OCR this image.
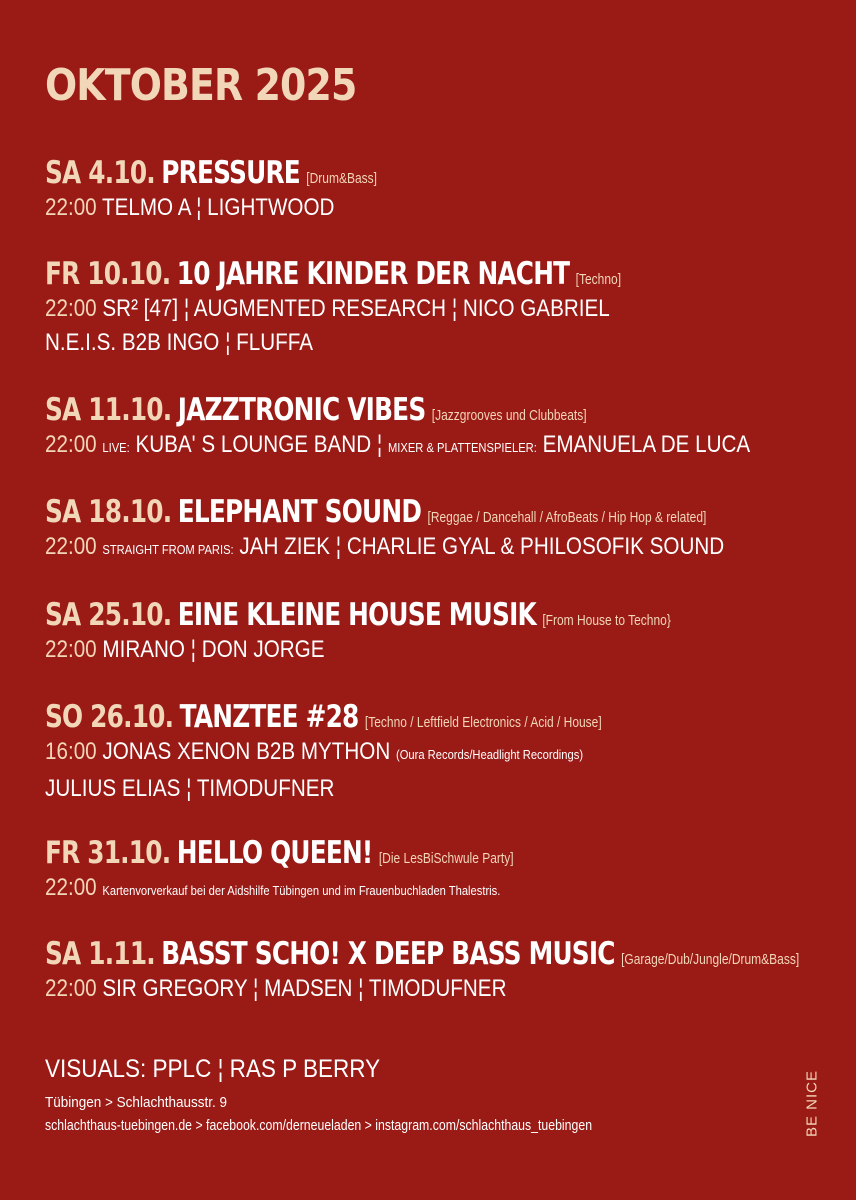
OKTOBER 2025
SA 4.10. PRESSURE [Drum&Bass]
22:00 TELMO A ¦ LIGHTWOOD
FR 10.10. 10 JAHRE KINDER DER NACHT [Techno]
22:00 SR² [47] ¦ AUGMENTED RESEARCH ¦ NICO GABRIEL
N.E.I.S. B2B INGO ¦ FLUFFA
SA 11.10. JAZZTRONIC VIBES [Jazzgrooves und Clubbeats]
22:00 LIVE: KUBA' S LOUNGE BAND ¦ MIXER & PLATTENSPIELER: EMANUELA DE LUCA
SA 18.10. ELEPHANT SOUND [Reggae / Dancehall / AfroBeats / Hip Hop & related]
22:00 STRAIGHT FROM PARIS: JAH ZIEK ¦ CHARLIE GYAL & PHILOSOFIK SOUND
SA 25.10. EINE KLEINE HOUSE MUSIK [From House to Techno}
22:00 MIRANO ¦ DON JORGE
SO 26.10. TANZTEE #28 [Techno / Leftfield Electronics / Acid / House]
16:00 JONAS XENON B2B MYTHON (Oura Records/Headlight Recordings)
JULIUS ELIAS ¦ TIMODUFNER
FR 31.10. HELLO QUEEN! [Die LesBiSchwule Party]
22:00 Kartenvorverkauf bei der Aidshilfe Tübingen und im Frauenbuchladen Thalestris.
SA 1.11. BASST SCHO! X DEEP BASS MUSIC [Garage/Dub/Jungle/Drum&Bass]
22:00 SIR GREGORY ¦ MADSEN ¦ TIMODUFNER
VISUALS: PPLC ¦ RAS P BERRY
Tübingen > Schlachthausstr. 9
schlachthaus-tuebingen.de > facebook.com/derneueladen > instagram.com/schlachthaus_tuebingen	BE NICE
